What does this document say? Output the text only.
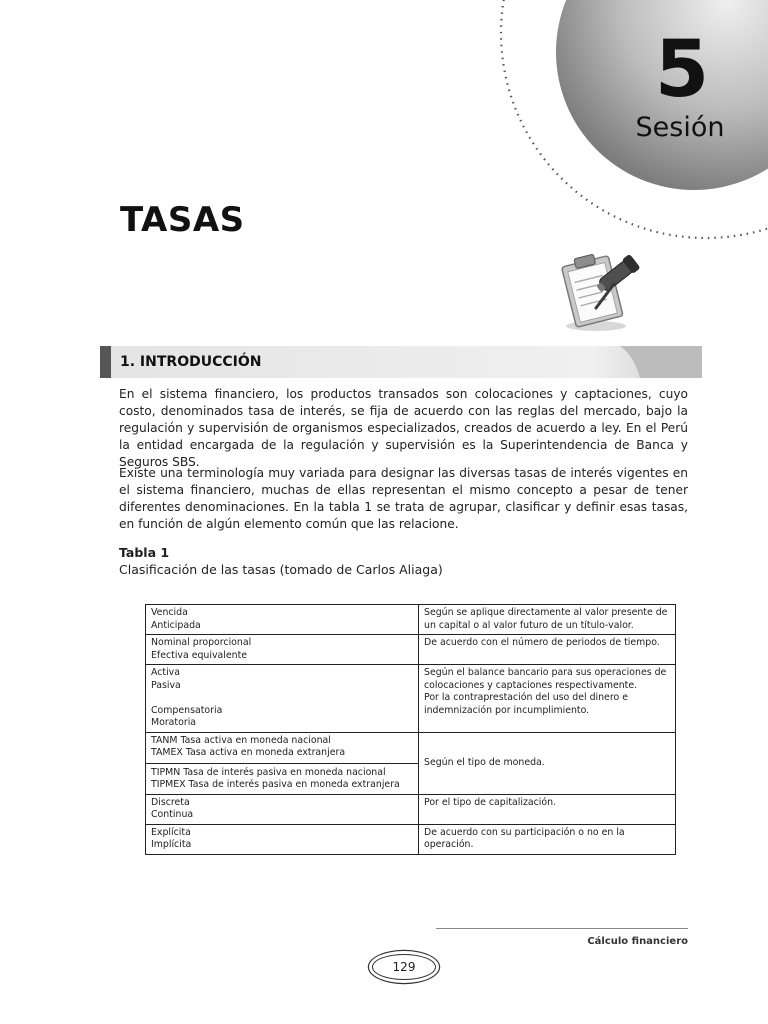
5
Sesión
TASAS
1. INTRODUCCIÓN

En el sistema financiero, los productos transados son colocaciones y captaciones, cuyo costo, denominados tasa de interés, se fija de acuerdo con las reglas del mercado, bajo la regulación y supervisión de organismos especializados, creados de acuerdo a ley. En el Perú la entidad encargada de la regulación y supervisión es la Superintendencia de Banca y Seguros SBS.

Existe una terminología muy variada para designar las diversas tasas de interés vigentes en el sistema financiero, muchas de ellas representan el mismo concepto a pesar de tener diferentes denominaciones. En la tabla 1 se trata de agrupar, clasificar y definir esas tasas, en función de algún elemento común que las relacione.

Tabla 1
Clasificación de las tasas (tomado de Carlos Aliaga)
Vencida
Anticipada	Según se aplique directamente al valor presente de un capital o al valor futuro de un título-valor.

Nominal proporcional
Efectiva equivalente	De acuerdo con el número de periodos de tiempo.

Activa
Pasiva
Compensatoria
Moratoria	Según el balance bancario para sus operaciones de colocaciones y captaciones respectivamente.
Por la contraprestación del uso del dinero e indemnización por incumplimiento.

TANM Tasa activa en moneda nacional
TAMEX Tasa activa en moneda extranjera
TIPMN Tasa de interés pasiva en moneda nacional
TIPMEX Tasa de interés pasiva en moneda extranjera	Según el tipo de moneda.

Discreta
Continua	Por el tipo de capitalización.

Explícita
Implícita	De acuerdo con su participación o no en la operación.
Cálculo financiero
129
